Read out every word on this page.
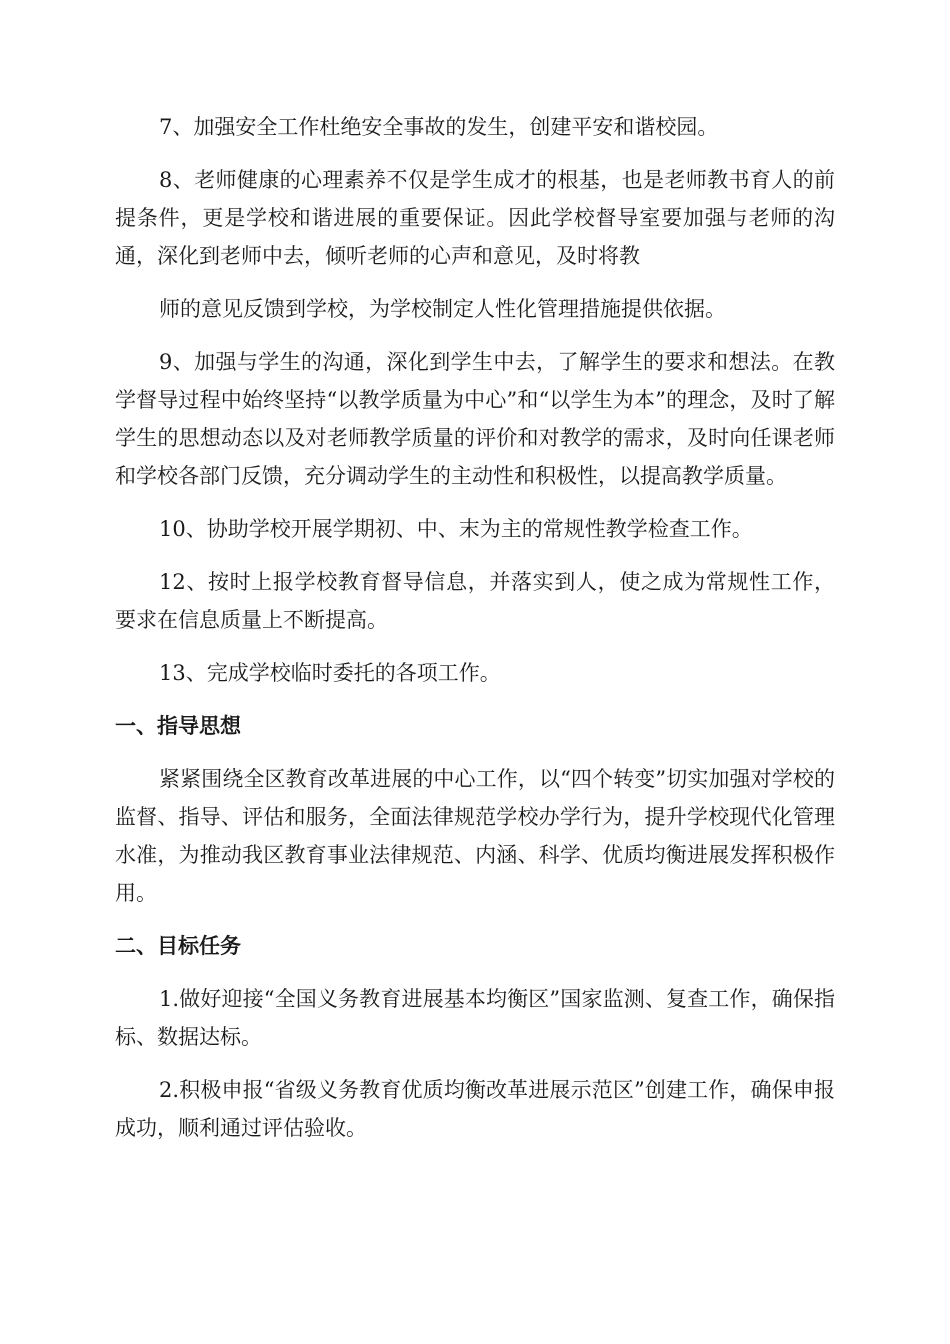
7、加强安全工作杜绝安全事故的发生，创建平安和谐校园。

8、老师健康的心理素养不仅是学生成才的根基，也是老师教书育人的前提条件，更是学校和谐进展的重要保证。因此学校督导室要加强与老师的沟通，深化到老师中去，倾听老师的心声和意见，及时将教

师的意见反馈到学校，为学校制定人性化管理措施提供依据。

9、加强与学生的沟通，深化到学生中去，了解学生的要求和想法。在教学督导过程中始终坚持“以教学质量为中心”和“以学生为本”的理念，及时了解学生的思想动态以及对老师教学质量的评价和对教学的需求，及时向任课老师和学校各部门反馈，充分调动学生的主动性和积极性，以提高教学质量。

10、协助学校开展学期初、中、末为主的常规性教学检查工作。

12、按时上报学校教育督导信息，并落实到人，使之成为常规性工作，要求在信息质量上不断提高。

13、完成学校临时委托的各项工作。

一、指导思想

紧紧围绕全区教育改革进展的中心工作，以“四个转变”切实加强对学校的监督、指导、评估和服务，全面法律规范学校办学行为，提升学校现代化管理水准，为推动我区教育事业法律规范、内涵、科学、优质均衡进展发挥积极作用。

二、目标任务

1.做好迎接“全国义务教育进展基本均衡区”国家监测、复查工作，确保指标、数据达标。

2.积极申报“省级义务教育优质均衡改革进展示范区”创建工作，确保申报成功，顺利通过评估验收。
